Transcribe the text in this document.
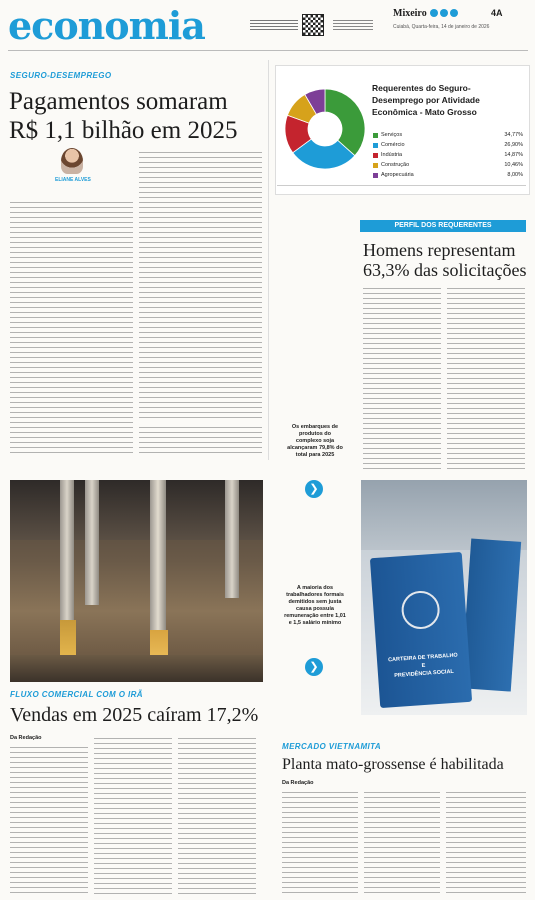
economia	Mixeiro	4A
Cuiabá, Quarta-feira, 14 de janeiro de 2026
SEGURO-DESEMPREGO
Pagamentos somaram
R$ 1,1 bilhão em 2025
ELIANE ALVES
Requerentes do Seguro-
Desemprego por Atividade
Econômica - Mato Grosso
Serviços	34,77%
Comércio	26,90%
Indústria	14,87%
Construção	10,46%
Agropecuária	8,00%
PERFIL DOS REQUERENTES
Homens representam
63,3% das solicitações
Os embarques de produtos do complexo soja alcançaram 79,8% do total para 2025
❯
A maioria dos trabalhadores formais demitidos sem justa causa possuía remuneração entre 1,01 e 1,5 salário mínimo
❯
CARTEIRA DE TRABALHO
E
PREVIDÊNCIA SOCIAL
FLUXO COMERCIAL COM O IRÃ
Vendas em 2025 caíram 17,2%
Da Redação
MERCADO VIETNAMITA
Planta mato-grossense é habilitada
Da Redação
